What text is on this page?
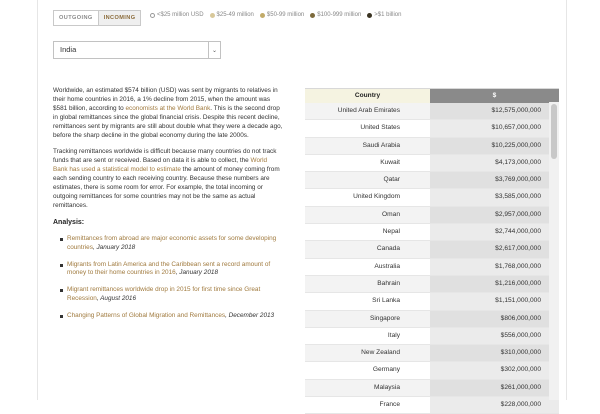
OUTGOING	INCOMING	<$25 million USD $25-49 million $50-99 million $100-999 million >$1 billion
India	⌄

Worldwide, an estimated $574 billion (USD) was sent by migrants to relatives in their home countries in 2016, a 1% decline from 2015, when the amount was $581 billion, according to economists at the World Bank. This is the second drop in global remittances since the global financial crisis. Despite this recent decline, remittances sent by migrants are still about double what they were a decade ago, before the sharp decline in the global economy during the late 2000s.

Tracking remittances worldwide is difficult because many countries do not track funds that are sent or received. Based on data it is able to collect, the World Bank has used a statistical model to estimate the amount of money coming from each sending country to each receiving country. Because these numbers are estimates, there is some room for error. For example, the total incoming or outgoing remittances for some countries may not be the same as actual remittances.

Analysis:
Remittances from abroad are major economic assets for some developing countries, January 2018
Migrants from Latin America and the Caribbean sent a record amount of money to their home countries in 2016, January 2018
Migrant remittances worldwide drop in 2015 for first time since Great Recession, August 2016
Changing Patterns of Global Migration and Remittances, December 2013
Country	$
United Arab Emirates	$12,575,000,000
United States	$10,657,000,000
Saudi Arabia	$10,225,000,000
Kuwait	$4,173,000,000
Qatar	$3,769,000,000
United Kingdom	$3,585,000,000
Oman	$2,957,000,000
Nepal	$2,744,000,000
Canada	$2,617,000,000
Australia	$1,768,000,000
Bahrain	$1,216,000,000
Sri Lanka	$1,151,000,000
Singapore	$806,000,000
Italy	$556,000,000
New Zealand	$310,000,000
Germany	$302,000,000
Malaysia	$261,000,000
France	$228,000,000
